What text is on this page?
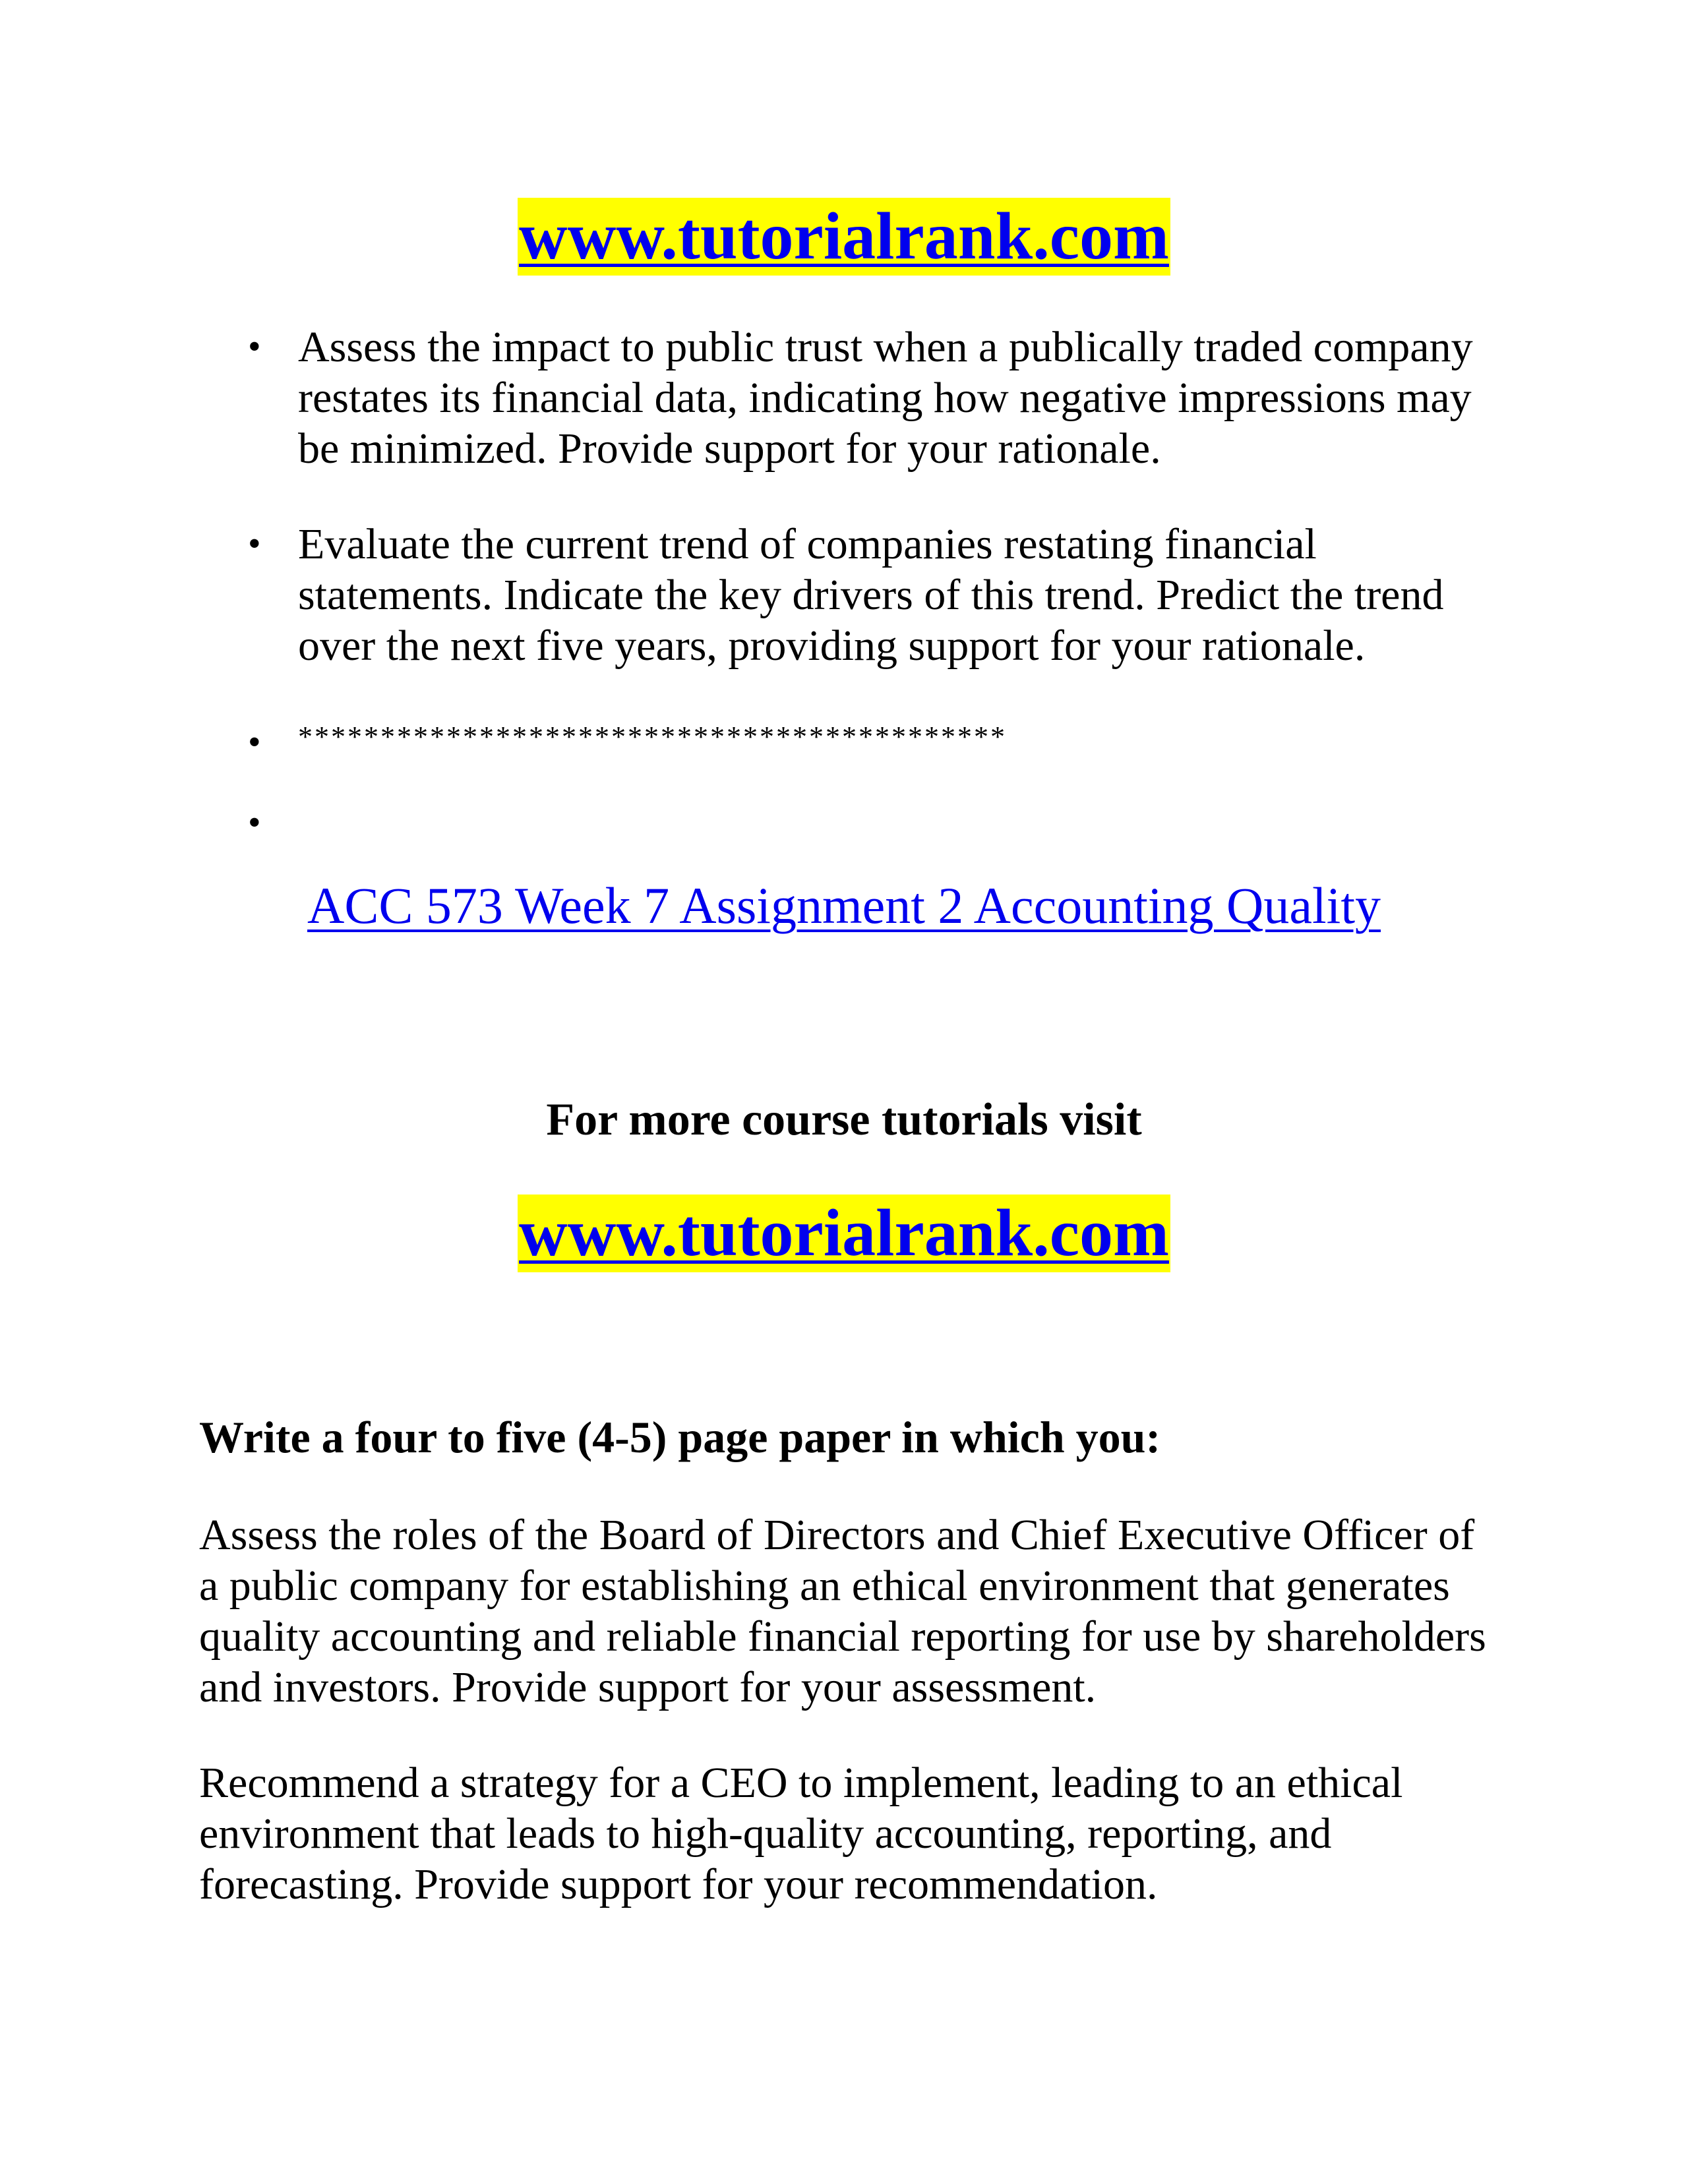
www.tutorialrank.com
• Assess the impact to public trust when a publically traded company restates its financial data, indicating how negative impressions may be minimized. Provide support for your rationale.
• Evaluate the current trend of companies restating financial statements. Indicate the key drivers of this trend. Predict the trend over the next five years, providing support for your rationale.
•	*******************************************
•
ACC 573 Week 7 Assignment 2 Accounting Quality
For more course tutorials visit
www.tutorialrank.com
Write a four to five (4-5) page paper in which you:
Assess the roles of the Board of Directors and Chief Executive Officer of a public company for establishing an ethical environment that generates quality accounting and reliable financial reporting for use by shareholders and investors. Provide support for your assessment.
Recommend a strategy for a CEO to implement, leading to an ethical environment that leads to high-quality accounting, reporting, and forecasting. Provide support for your recommendation.
